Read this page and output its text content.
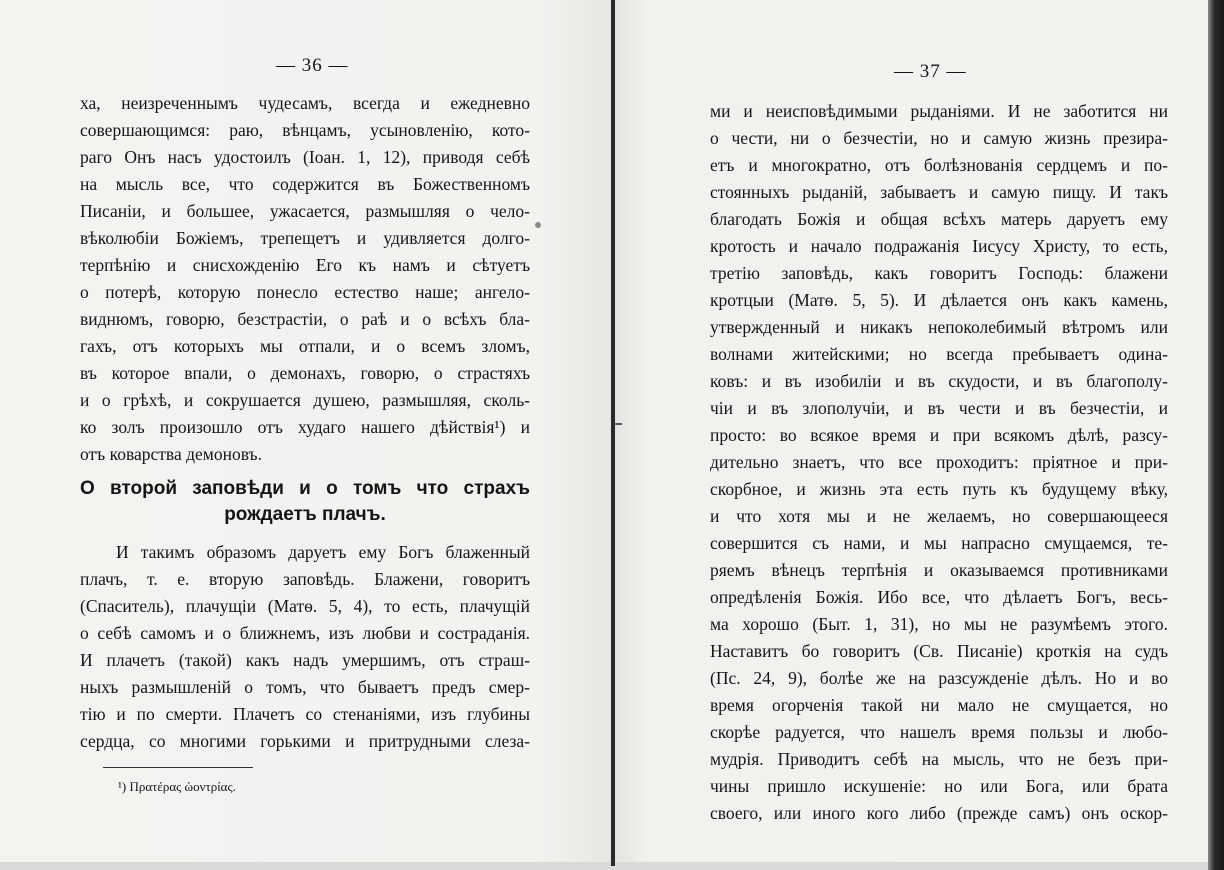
— 36 —
ха, неизреченнымъ чудесамъ, всегда и ежедневно
совершающимся: раю, вѣнцамъ, усыновленію, кото-
раго Онъ насъ удостоилъ (Іоан. 1, 12), приводя себѣ
на мысль все, что содержится въ Божественномъ
Писаніи, и большее, ужасается, размышляя о чело-
вѣколюбіи Божіемъ, трепещетъ и удивляется долго-
терпѣнію и снисхожденію Его къ намъ и сѣтуетъ
о потерѣ, которую понесло естество наше; ангело-
виднюмъ, говорю, безстрастіи, о раѣ и о всѣхъ бла-
гахъ, отъ которыхъ мы отпали, и о всемъ зломъ,
въ которое впали, о демонахъ, говорю, о страстяхъ
и о грѣхѣ, и сокрушается душею, размышляя, сколь-
ко золъ произошло отъ худаго нашего дѣйствія¹) и
отъ коварства демоновъ.
О второй заповѣди и о томъ что страхъ
рождаетъ плачъ.
И такимъ образомъ даруетъ ему Богъ блаженный
плачъ, т. е. вторую заповѣдь. Блажени, говоритъ
(Спаситель), плачущіи (Матѳ. 5, 4), то есть, плачущій
о себѣ самомъ и о ближнемъ, изъ любви и состраданія.
И плачетъ (такой) какъ надъ умершимъ, отъ страш-
ныхъ размышленій о томъ, что бываетъ предъ смер-
тію и по смерти. Плачетъ со стенаніями, изъ глубины
сердца, со многими горькими и притрудными слеза-
¹) Πρατέρας ὠοντρίας.
— 37 —
ми и неисповѣдимыми рыданіями. И не заботится ни
о чести, ни о безчестіи, но и самую жизнь презира-
етъ и многократно, отъ болѣзнованія сердцемъ и по-
стоянныхъ рыданій, забываетъ и самую пищу. И такъ
благодать Божія и общая всѣхъ матерь даруетъ ему
кротость и начало подражанія Іисусу Христу, то есть,
третію заповѣдь, какъ говоритъ Господь: блажени
кротцыи (Матѳ. 5, 5). И дѣлается онъ какъ камень,
утвержденный и никакъ непоколебимый вѣтромъ или
волнами житейскими; но всегда пребываетъ одина-
ковъ: и въ изобиліи и въ скудости, и въ благополу-
чіи и въ злополучіи, и въ чести и въ безчестіи, и
просто: во всякое время и при всякомъ дѣлѣ, разсу-
дительно знаетъ, что все проходитъ: пріятное и при-
скорбное, и жизнь эта есть путь къ будущему вѣку,
и что хотя мы и не желаемъ, но совершающееся
совершится съ нами, и мы напрасно смущаемся, те-
ряемъ вѣнецъ терпѣнія и оказываемся противниками
опредѣленія Божія. Ибо все, что дѣлаетъ Богъ, весь-
ма хорошо (Быт. 1, 31), но мы не разумѣемъ этого.
Наставитъ бо говоритъ (Св. Писаніе) кроткія на судъ
(Пс. 24, 9), болѣе же на разсужденіе дѣлъ. Но и во
время огорченія такой ни мало не смущается, но
скорѣе радуется, что нашелъ время пользы и любо-
мудрія. Приводитъ себѣ на мысль, что не безъ при-
чины пришло искушеніе: но или Бога, или брата
своего, или иного кого либо (прежде самъ) онъ оскор-
